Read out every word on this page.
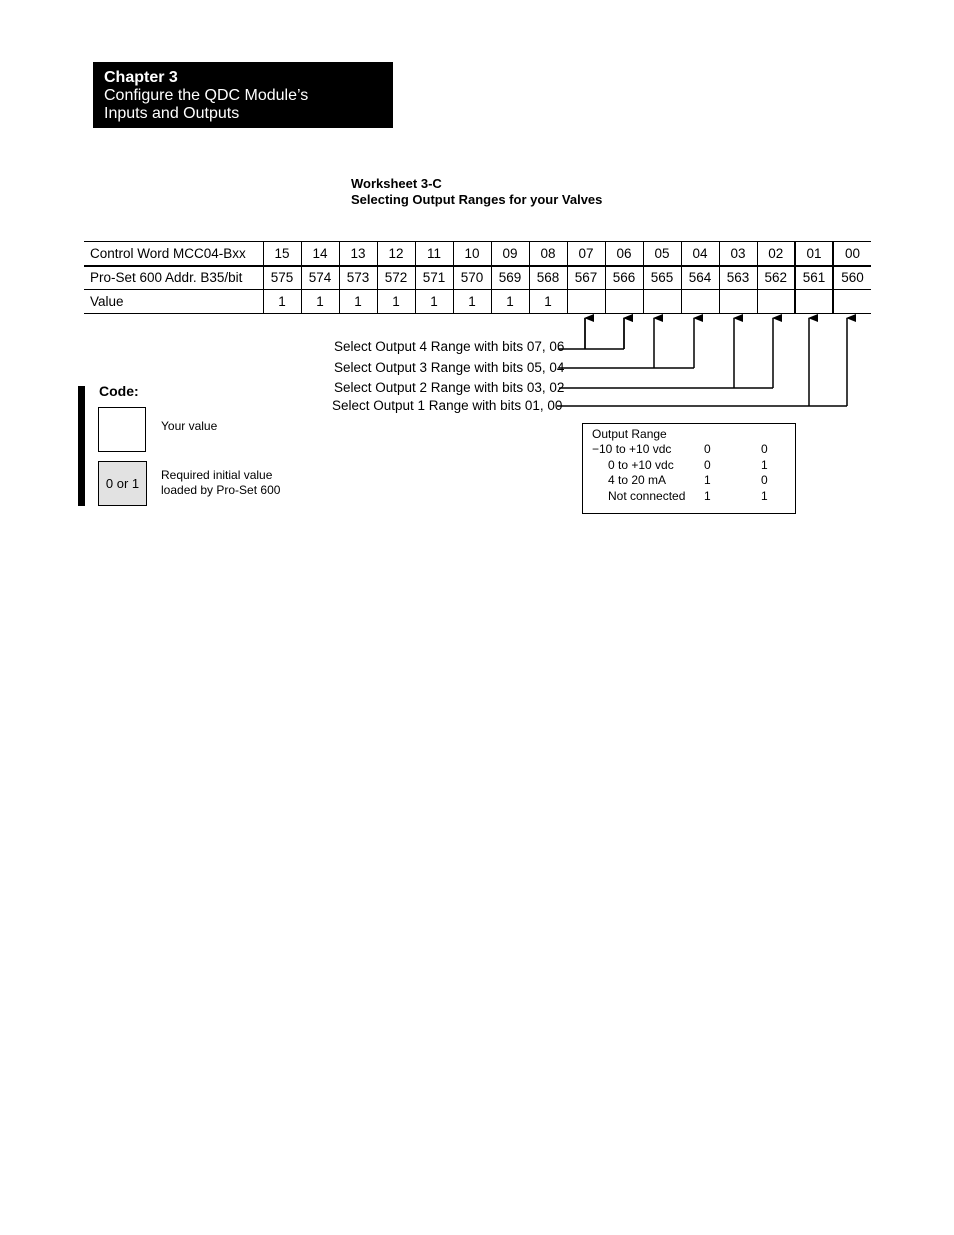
Chapter 3
Configure the QDC Module’s
Inputs and Outputs
Worksheet 3-C
Selecting Output Ranges for your Valves
Control Word MCC04-Bxx	15	14	13	12	11	10	09	08	07	06	05	04	03	02	01	00
Pro-Set 600 Addr. B35/bit	575	574	573	572	571	570	569	568	567	566	565	564	563	562	561	560
Value	1	1	1	1	1	1	1	1								
Select Output 4 Range with bits 07, 06
Select Output 3 Range with bits 05, 04
Select Output 2 Range with bits 03, 02
Select Output 1 Range with bits 01, 00
Code:
Your value
0 or 1
Required initial value
loaded by Pro-Set 600
Output Range
−10 to +10 vdc	0	0
0 to +10 vdc	0	1
4 to 20 mA	1	0
Not connected 1	1
